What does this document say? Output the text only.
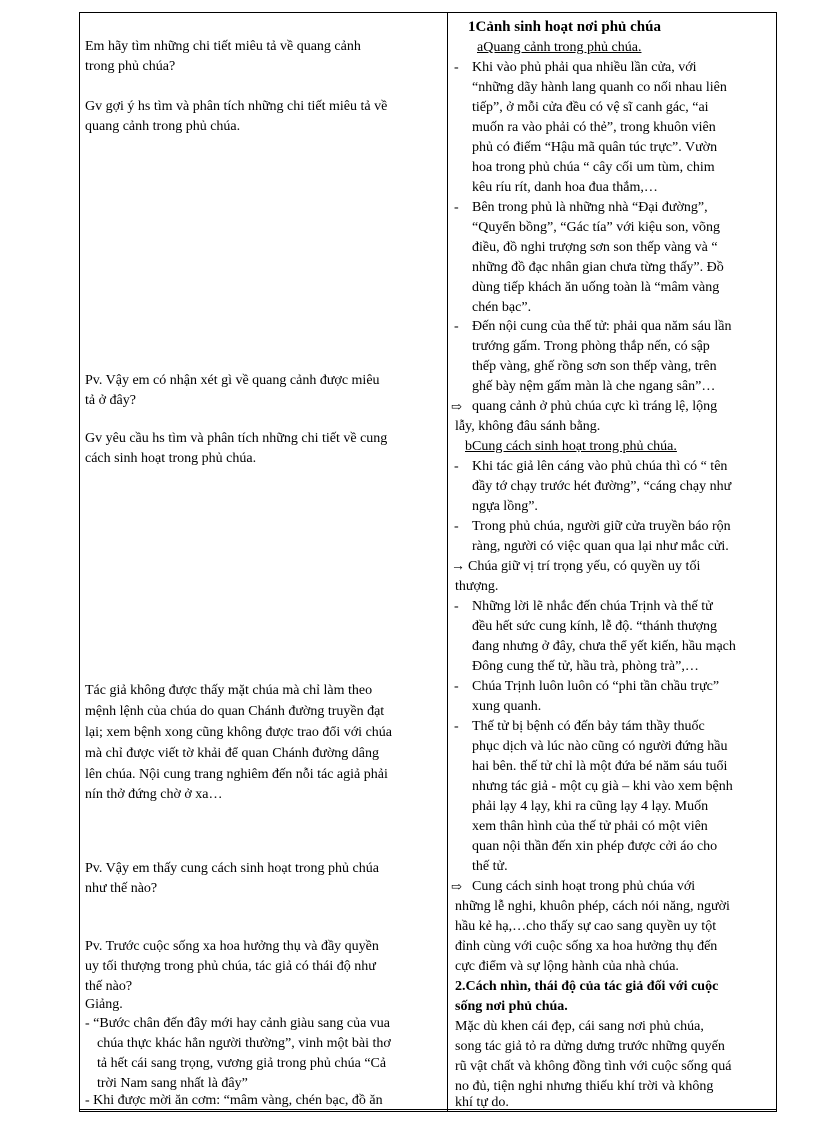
Em hãy tìm những chi tiết miêu tả về quang cảnh
trong phủ chúa?
Gv gợi ý hs tìm và phân tích những chi tiết miêu tả về
quang cảnh trong phủ chúa.
Pv. Vậy em có nhận xét gì về quang cảnh được miêu
tả ở đây?
Gv yêu cầu hs tìm và phân tích những chi tiết về cung
cách sinh hoạt trong phủ chúa.
Tác giả không được thấy mặt chúa mà chỉ làm theo
mệnh lệnh của chúa do quan Chánh đường truyền đạt
lại; xem bệnh xong cũng không được trao đổi với chúa
mà chỉ được viết tờ khải để quan Chánh đường dâng
lên chúa. Nội cung trang nghiêm đến nỗi tác agiả phải
nín thở đứng chờ ở xa…
Pv. Vậy em thấy cung cách sinh hoạt trong phủ chúa
như thế nào?
Pv. Trước cuộc sống xa hoa hưởng thụ và đầy quyền
uy tối thượng trong phủ chúa, tác giả có thái độ như
thế nào?
Giảng.
- “Bước chân đến đây mới hay cảnh giàu sang của vua
chúa thực khác hẳn người thường”, vinh một bài thơ
tả hết cái sang trọng, vương giả trong phủ chúa “Cả
trời Nam sang nhất là đây”
- Khi được mời ăn cơm: “mâm vàng, chén bạc, đồ ăn
1Cảnh sinh hoạt nơi phủ chúa
aQuang cảnh trong phủ chúa.
- Khi vào phủ phải qua nhiều lần cửa, với
“những dãy hành lang quanh co nối nhau liên
tiếp”, ở mỗi cửa đều có vệ sĩ canh gác, “ai
muốn ra vào phải có thẻ”, trong khuôn viên
phủ có điếm “Hậu mã quân túc trực”. Vườn
hoa trong phủ chúa “ cây cối um tùm, chim
kêu ríu rít, danh hoa đua thắm,…
- Bên trong phủ là những nhà “Đại đường”,
“Quyển bồng”, “Gác tía” với kiệu son, võng
điều, đồ nghi trượng sơn son thếp vàng và “
những đồ đạc nhân gian chưa từng thấy”. Đồ
dùng tiếp khách ăn uống toàn là “mâm vàng
chén bạc”.
- Đến nội cung của thế tử: phải qua năm sáu lần
trướng gấm. Trong phòng thắp nến, có sập
thếp vàng, ghế rồng sơn son thếp vàng, trên
ghế bày nệm gấm màn là che ngang sân”…
⇨ quang cảnh ở phủ chúa cực kì tráng lệ, lộng
lẫy, không đâu sánh bằng.
bCung cách sinh hoạt trong phủ chúa.
- Khi tác giả lên cáng vào phủ chúa thì có “ tên
đầy tớ chạy trước hét đường”, “cáng chạy như
ngựa lồng”.
- Trong phủ chúa, người giữ cửa truyền báo rộn
ràng, người có việc quan qua lại như mắc cửi.
→ Chúa giữ vị trí trọng yếu, có quyền uy tối
thượng.
- Những lời lẽ nhắc đến chúa Trịnh và thế tử
đều hết sức cung kính, lễ độ. “thánh thượng
đang nhưng ở đây, chưa thể yết kiến, hầu mạch
Đông cung thế tử, hầu trà, phòng trà”,…
- Chúa Trịnh luôn luôn có “phi tần chầu trực”
xung quanh.
- Thế tử bị bệnh có đến bảy tám thầy thuốc
phục dịch và lúc nào cũng có người đứng hầu
hai bên. thế tử chỉ là một đứa bé năm sáu tuổi
nhưng tác giả - một cụ già – khi vào xem bệnh
phải lạy 4 lạy, khi ra cũng lạy 4 lạy. Muốn
xem thân hình của thế tử phải có một viên
quan nội thần đến xin phép được cởi áo cho
thế tử.
⇨ Cung cách sinh hoạt trong phủ chúa với
những lễ nghi, khuôn phép, cách nói năng, người
hầu kẻ hạ,…cho thấy sự cao sang quyền uy tột
đỉnh cùng với cuộc sống xa hoa hưởng thụ đến
cực điểm và sự lộng hành của nhà chúa.
2.Cách nhìn, thái độ của tác giả đối với cuộc
sống nơi phủ chúa.
Mặc dù khen cái đẹp, cái sang nơi phủ chúa,
song tác giả tỏ ra dửng dưng trước những quyến
rũ vật chất và không đồng tình với cuộc sống quá
no đủ, tiện nghi nhưng thiếu khí trời và không
khí tự do.
